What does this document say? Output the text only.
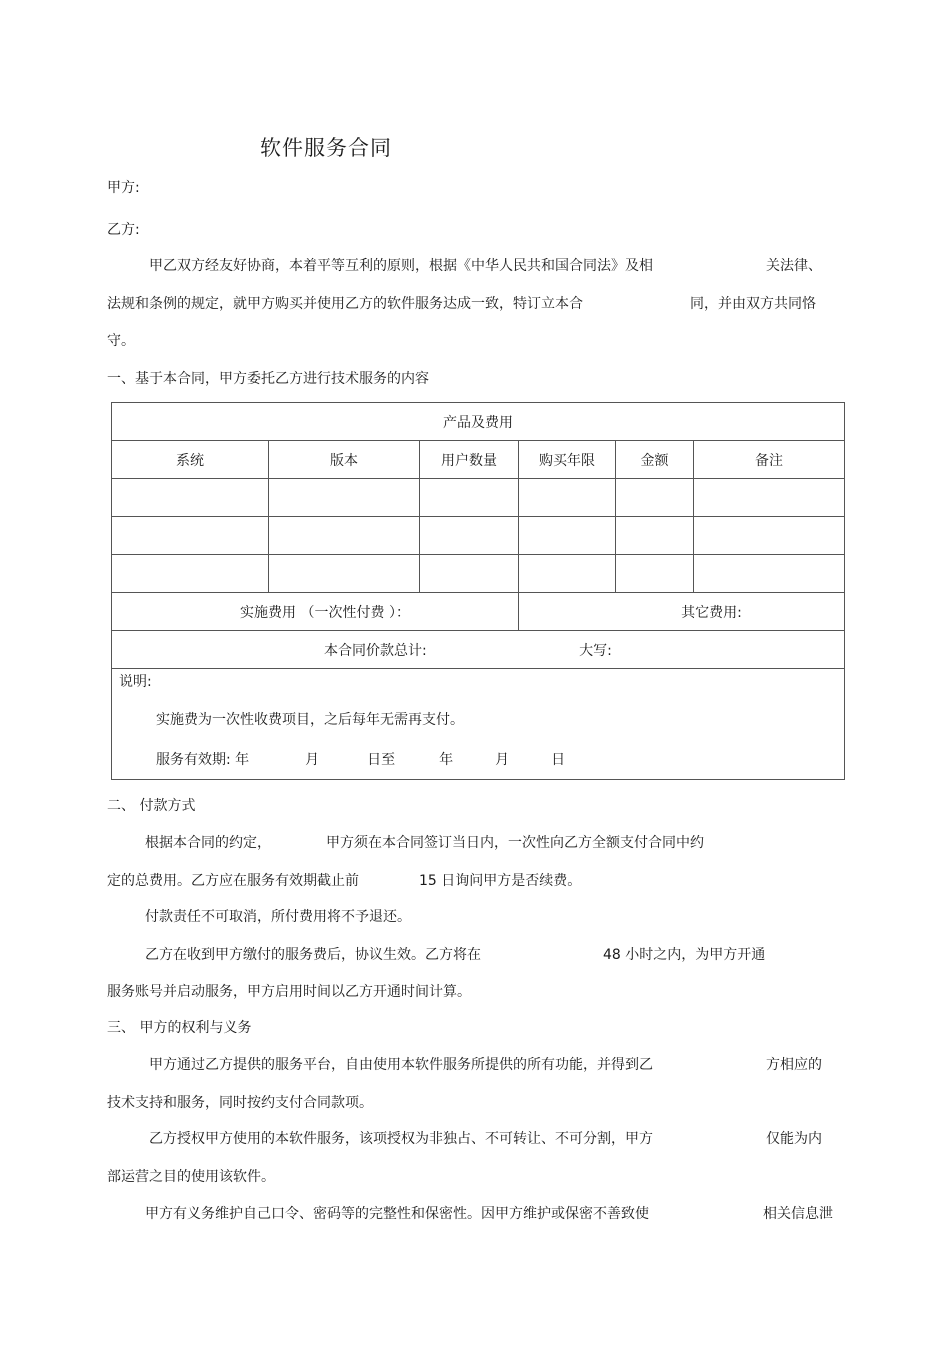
软件服务合同
甲方:
乙方:
甲乙双方经友好协商，本着平等互利的原则，根据《中华人民共和国合同法》及相	关法律、
法规和条例的规定，就甲方购买并使用乙方的软件服务达成一致，特订立本合	同，并由双方共同恪
守。
一、基于本合同，甲方委托乙方进行技术服务的内容
产品及费用					
系统	版本	用户数量	购买年限	金额	备注

实施费用 （一次性付费 ）：			其它费用:		
本合同价款总计: 大写:					

说明:
实施费为一次性收费项目，之后每年无需再支付。
服务有效期: 年 月 日至 年 月 日					
二、 付款方式
根据本合同的约定，	甲方须在本合同签订当日内，一次性向乙方全额支付合同中约
定的总费用。乙方应在服务有效期截止前	15 日询问甲方是否续费。
付款责任不可取消，所付费用将不予退还。
乙方在收到甲方缴付的服务费后，协议生效。乙方将在	48 小时之内，为甲方开通
服务账号并启动服务，甲方启用时间以乙方开通时间计算。
三、 甲方的权利与义务
甲方通过乙方提供的服务平台，自由使用本软件服务所提供的所有功能，并得到乙	方相应的
技术支持和服务，同时按约支付合同款项。
乙方授权甲方使用的本软件服务，该项授权为非独占、不可转让、不可分割，甲方	仅能为内
部运营之目的使用该软件。
甲方有义务维护自己口令、密码等的完整性和保密性。因甲方维护或保密不善致使	相关信息泄
